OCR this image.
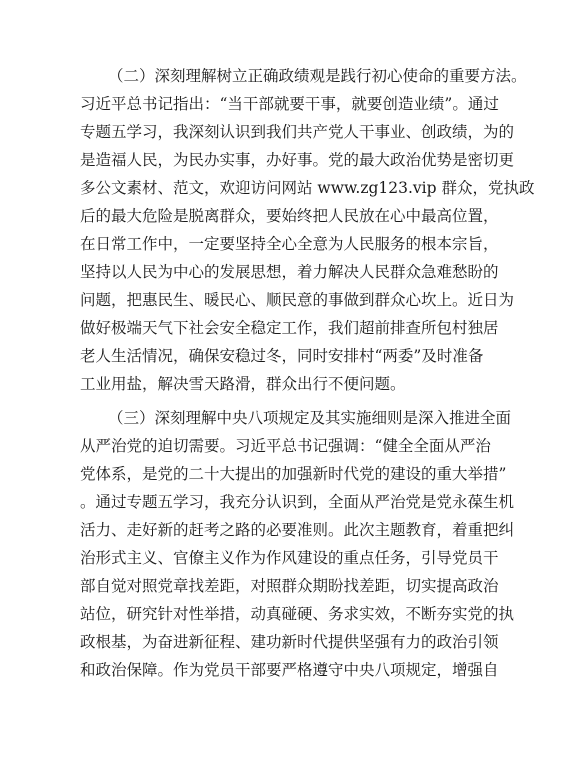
（二）深刻理解树立正确政绩观是践行初心使命的重要方法。
习近平总书记指出：“当干部就要干事，就要创造业绩”。通过
专题五学习，我深刻认识到我们共产党人干事业、创政绩，为的
是造福人民，为民办实事，办好事。党的最大政治优势是密切更
多公文素材、范文，欢迎访问网站 www.zg123.vip 群众，党执政
后的最大危险是脱离群众，要始终把人民放在心中最高位置，
在日常工作中，一定要坚持全心全意为人民服务的根本宗旨，
坚持以人民为中心的发展思想，着力解决人民群众急难愁盼的
问题，把惠民生、暖民心、顺民意的事做到群众心坎上。近日为
做好极端天气下社会安全稳定工作，我们超前排查所包村独居
老人生活情况，确保安稳过冬，同时安排村“两委”及时准备
工业用盐，解决雪天路滑，群众出行不便问题。
（三）深刻理解中央八项规定及其实施细则是深入推进全面
从严治党的迫切需要。习近平总书记强调：“健全全面从严治
党体系，是党的二十大提出的加强新时代党的建设的重大举措”
。通过专题五学习，我充分认识到，全面从严治党是党永葆生机
活力、走好新的赶考之路的必要准则。此次主题教育，着重把纠
治形式主义、官僚主义作为作风建设的重点任务，引导党员干
部自觉对照党章找差距，对照群众期盼找差距，切实提高政治
站位，研究针对性举措，动真碰硬、务求实效，不断夯实党的执
政根基，为奋进新征程、建功新时代提供坚强有力的政治引领
和政治保障。作为党员干部要严格遵守中央八项规定，增强自
